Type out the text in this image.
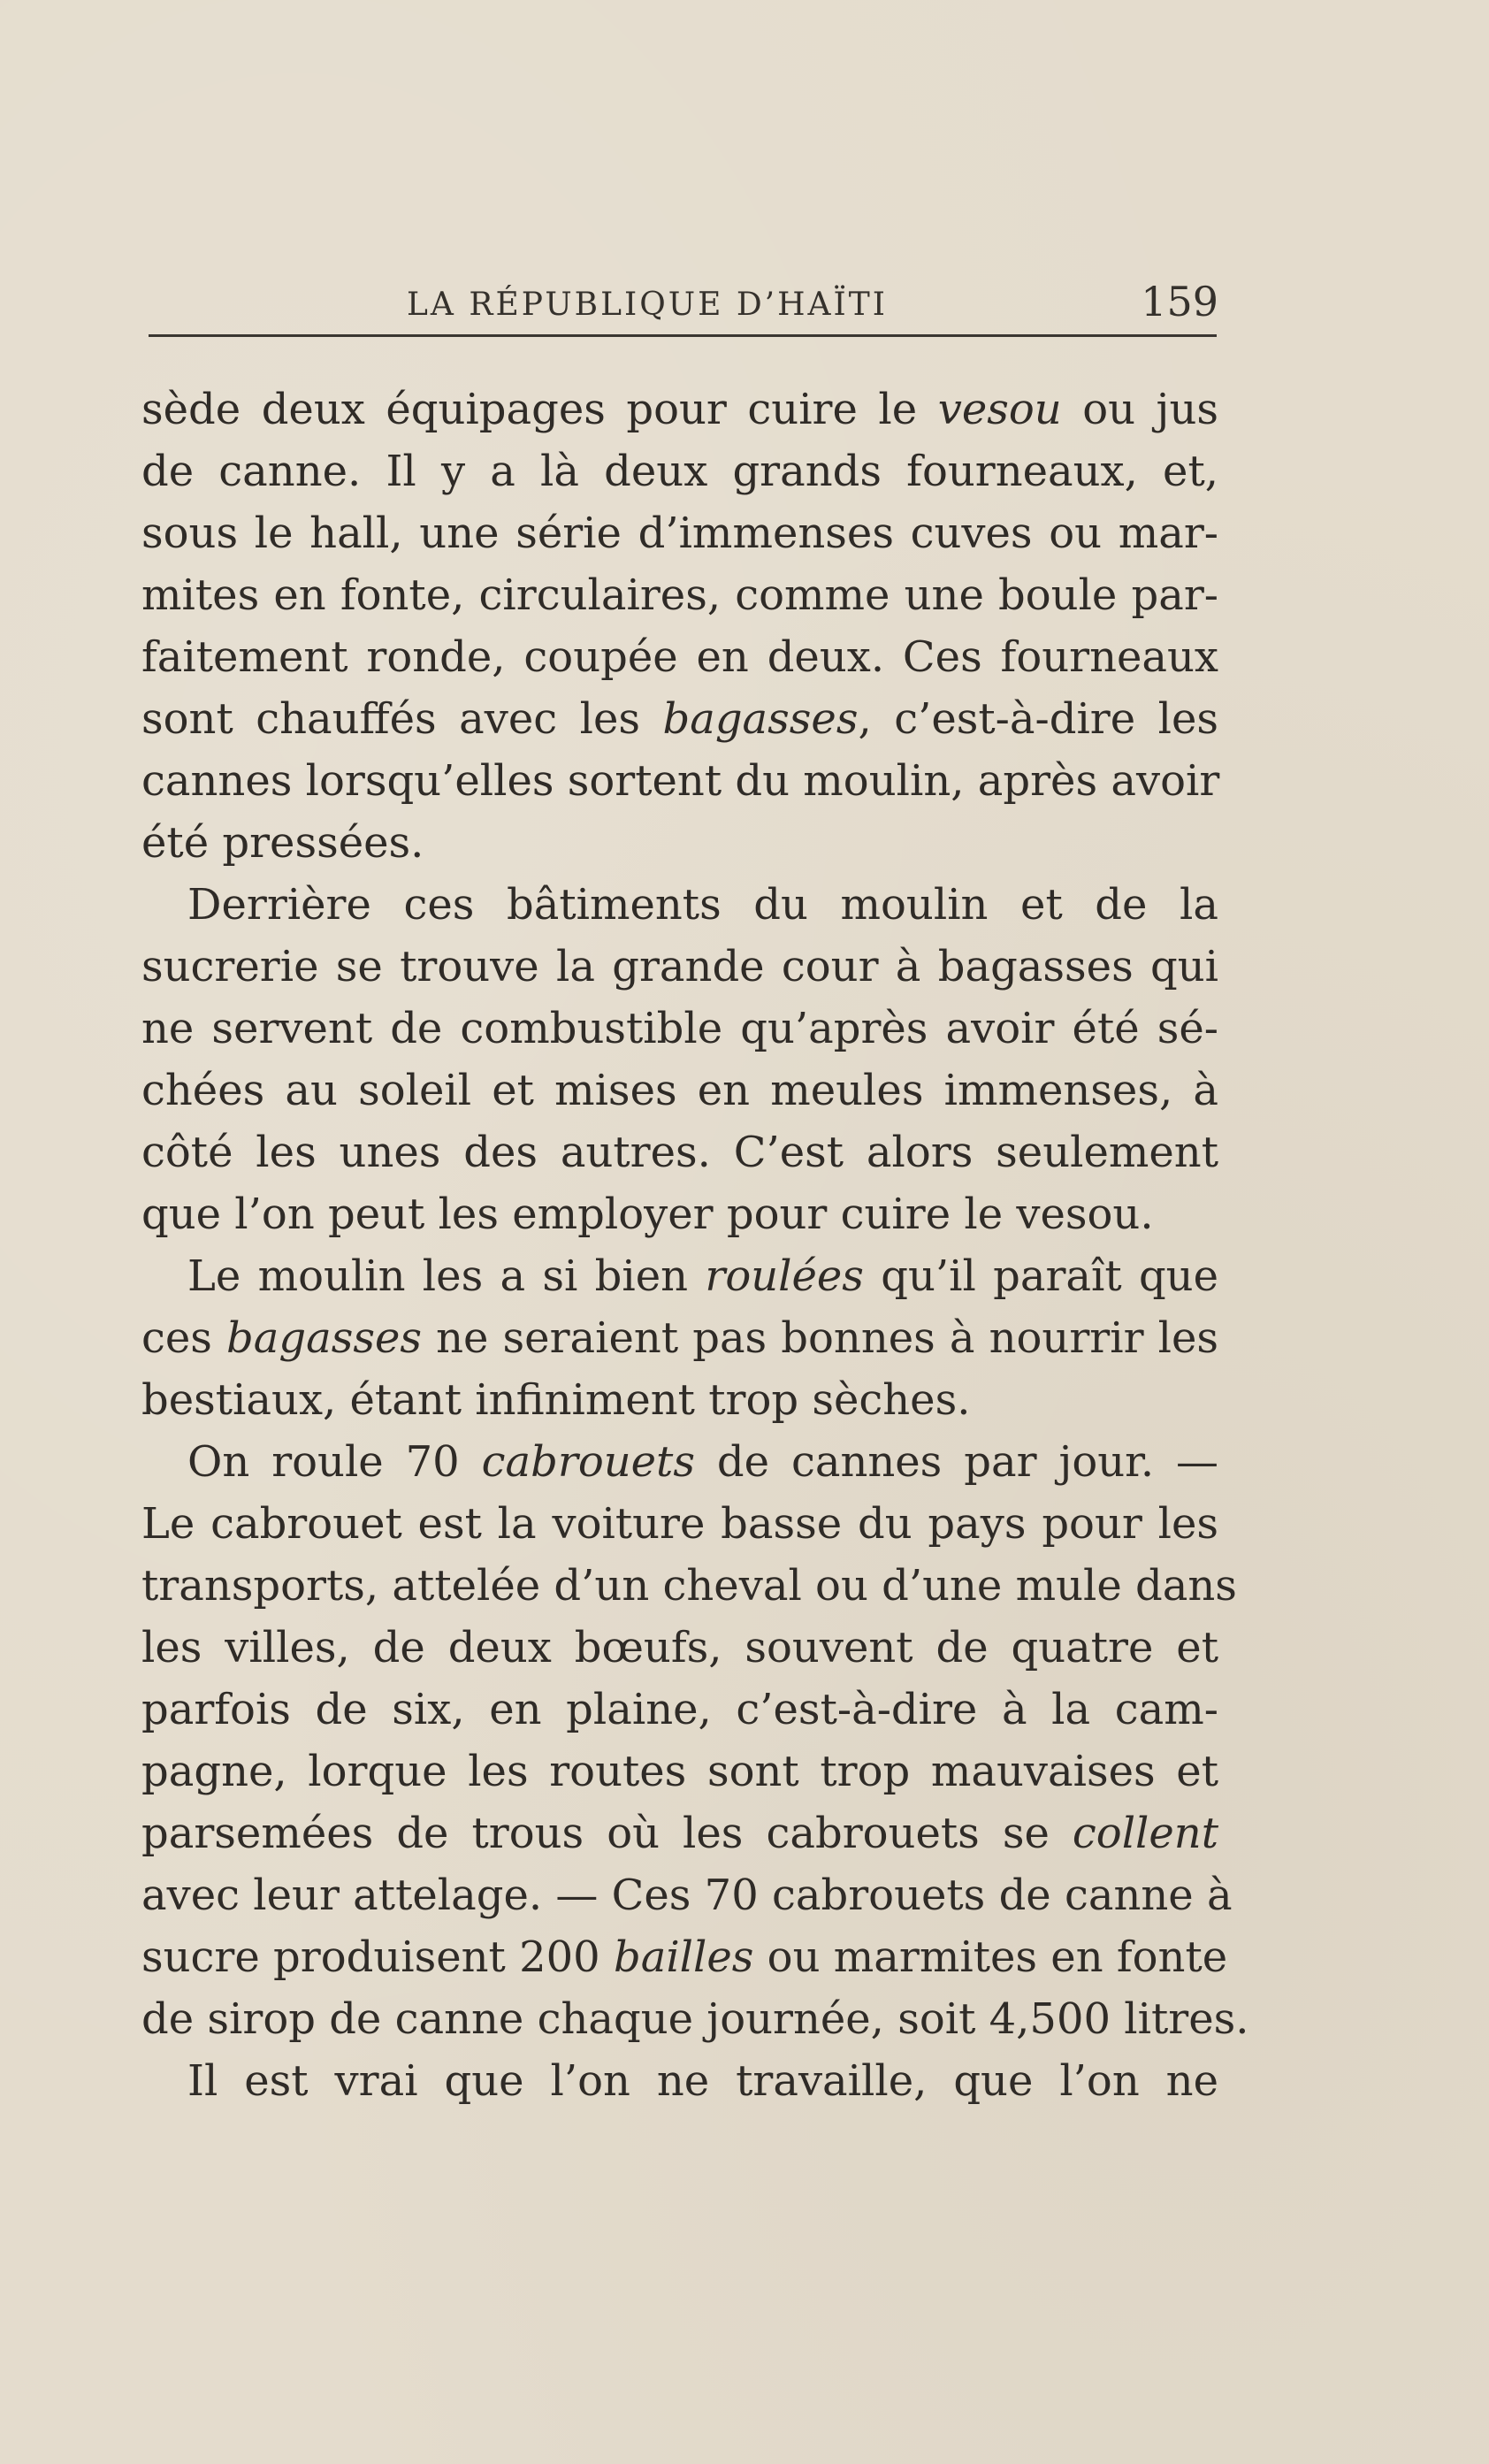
LA RÉPUBLIQUE D’HAÏTI	159
sède deux équipages pour cuire le vesou ou jus
de canne. Il y a là deux grands fourneaux, et,
sous le hall, une série d’immenses cuves ou mar-
mites en fonte, circulaires, comme une boule par-
faitement ronde, coupée en deux. Ces fourneaux
sont chauffés avec les bagasses, c’est-à-dire les
cannes lorsqu’elles sortent du moulin, après avoir
été pressées.
Derrière ces bâtiments du moulin et de la
sucrerie se trouve la grande cour à bagasses qui
ne servent de combustible qu’après avoir été sé-
chées au soleil et mises en meules immenses, à
côté les unes des autres. C’est alors seulement
que l’on peut les employer pour cuire le vesou.
Le moulin les a si bien roulées qu’il paraît que
ces bagasses ne seraient pas bonnes à nourrir les
bestiaux, étant infiniment trop sèches.
On roule 70 cabrouets de cannes par jour. —
Le cabrouet est la voiture basse du pays pour les
transports, attelée d’un cheval ou d’une mule dans
les villes, de deux bœufs, souvent de quatre et
parfois de six, en plaine, c’est-à-dire à la cam-
pagne, lorque les routes sont trop mauvaises et
parsemées de trous où les cabrouets se collent
avec leur attelage. — Ces 70 cabrouets de canne à
sucre produisent 200 bailles ou marmites en fonte
de sirop de canne chaque journée, soit 4,500 litres.
Il est vrai que l’on ne travaille, que l’on ne
